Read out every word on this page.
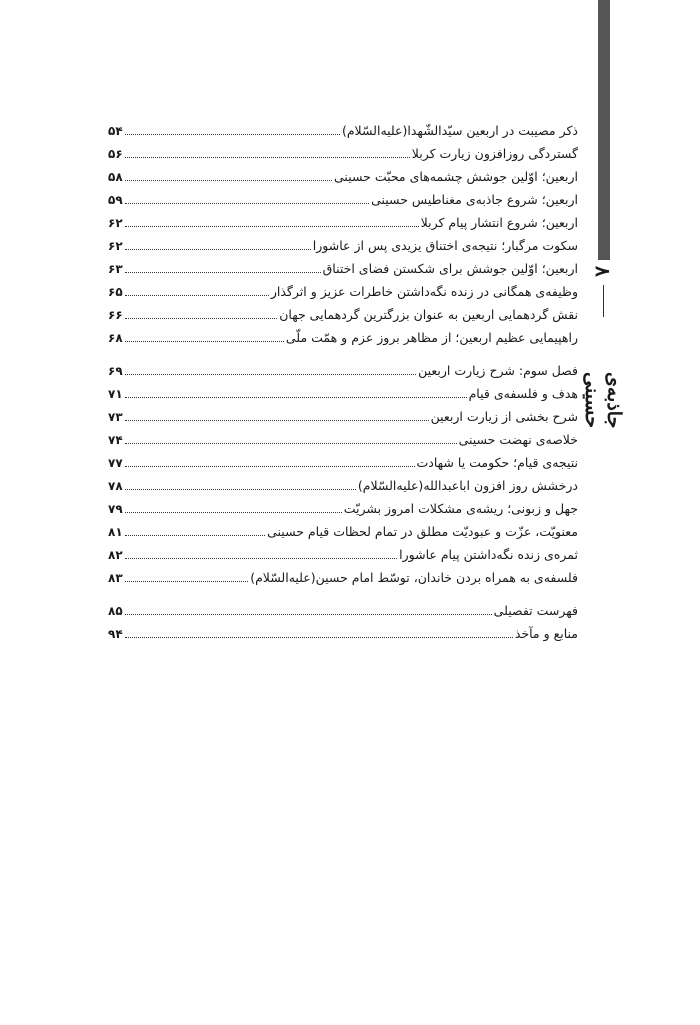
۸
جاذبه‌ی حسینی
ذکر مصیبت در اربعین سیّدالشّهدا(علیه‌السّلام)
۵۴
گستردگی روزافزون زیارت کربلا
۵۶
اربعین؛ اوّلین جوشش چشمه‌های محبّت حسینی
۵۸
اربعین؛ شروع جاذبه‌ی مغناطیس حسینی
۵۹
اربعین؛ شروع انتشار پیام کربلا
۶۲
سکوت مرگبار؛ نتیجه‌ی اختناق یزیدی پس از عاشورا
۶۲
اربعین؛ اوّلین جوشش برای شکستن فضای اختناق
۶۳
وظیفه‌ی همگانی در زنده نگه‌داشتن خاطرات عزیز و اثرگذار
۶۵
نقش گردهمایی اربعین به عنوان بزرگترین گردهمایی جهان
۶۶
راهپیمایی عظیم اربعین؛ از مظاهر بروز عزم و همّت ملّی
۶۸
فصل سوم: شرح زیارت اربعین
۶۹
هدف و فلسفه‌ی قیام
۷۱
شرح بخشی از زیارت اربعین
۷۳
خلاصه‌ی نهضت حسینی
۷۴
نتیجه‌ی قیام؛ حکومت یا شهادت
۷۷
درخشش روز افزون اباعبدالله(علیه‌السّلام)
۷۸
جهل و زبونی؛ ریشه‌ی مشکلات امروز بشریّت
۷۹
معنویّت، عزّت و عبودیّت مطلق در تمام لحظات قیام حسینی
۸۱
ثمره‌ی زنده نگه‌داشتن پیام عاشورا
۸۲
فلسفه‌ی به همراه بردن خاندان، توسّط امام حسین(علیه‌السّلام)
۸۳
فهرست تفصیلی
۸۵
منابع و مآخذ
۹۴
